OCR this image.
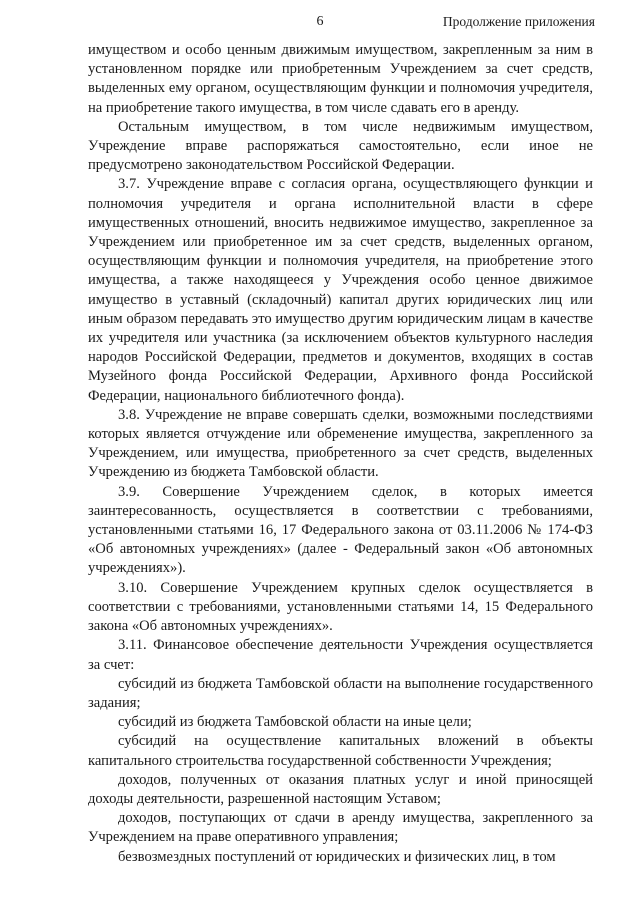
6	Продолжение приложения

имуществом и особо ценным движимым имуществом, закрепленным за ним в установленном порядке или приобретенным Учреждением за счет средств, выделенных ему органом, осуществляющим функции и полномочия учредителя, на приобретение такого имущества, в том числе сдавать его в аренду.

Остальным имуществом, в том числе недвижимым имуществом, Учреждение вправе распоряжаться самостоятельно, если иное не предусмотрено законодательством Российской Федерации.

3.7. Учреждение вправе с согласия органа, осуществляющего функции и полномочия учредителя и органа исполнительной власти в сфере имущественных отношений, вносить недвижимое имущество, закрепленное за Учреждением или приобретенное им за счет средств, выделенных органом, осуществляющим функции и полномочия учредителя, на приобретение этого имущества, а также находящееся у Учреждения особо ценное движимое имущество в уставный (складочный) капитал других юридических лиц или иным образом передавать это имущество другим юридическим лицам в качестве их учредителя или участника (за исключением объектов культурного наследия народов Российской Федерации, предметов и документов, входящих в состав Музейного фонда Российской Федерации, Архивного фонда Российской Федерации, национального библиотечного фонда).

3.8. Учреждение не вправе совершать сделки, возможными последствиями которых является отчуждение или обременение имущества, закрепленного за Учреждением, или имущества, приобретенного за счет средств, выделенных Учреждению из бюджета Тамбовской области.

3.9. Совершение Учреждением сделок, в которых имеется заинтересованность, осуществляется в соответствии с требованиями, установленными статьями 16, 17 Федерального закона от 03.11.2006 № 174-ФЗ «Об автономных учреждениях» (далее - Федеральный закон «Об автономных учреждениях»).

3.10. Совершение Учреждением крупных сделок осуществляется в соответствии с требованиями, установленными статьями 14, 15 Федерального закона «Об автономных учреждениях».

3.11. Финансовое обеспечение деятельности Учреждения осуществляется за счет:

субсидий из бюджета Тамбовской области на выполнение государственного задания;

субсидий из бюджета Тамбовской области на иные цели;

субсидий на осуществление капитальных вложений в объекты капитального строительства государственной собственности Учреждения;

доходов, полученных от оказания платных услуг и иной приносящей доходы деятельности, разрешенной настоящим Уставом;

доходов, поступающих от сдачи в аренду имущества, закрепленного за Учреждением на праве оперативного управления;

безвозмездных поступлений от юридических и физических лиц, в том
